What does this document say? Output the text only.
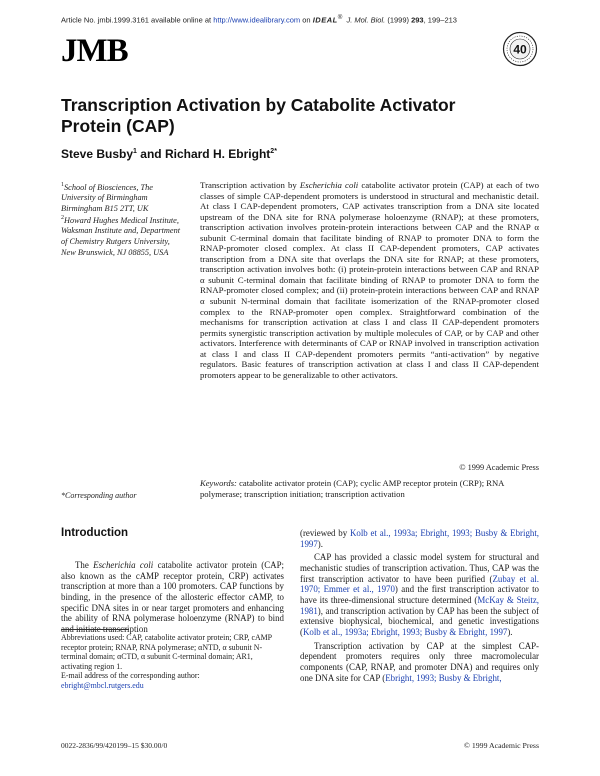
Article No. jmbi.1999.3161 available online at http://www.idealibrary.com on IDEAL® J. Mol. Biol. (1999) 293, 199–213
JMB	40
Transcription Activation by Catabolite Activator Protein (CAP)
Steve Busby$^1$ and Richard H. Ebright$^{2*}$
$^1$School of Biosciences, The University of Birmingham Birmingham B15 2TT, UK
$^2$Howard Hughes Medical Institute, Waksman Institute and, Department of Chemistry Rutgers University, New Brunswick, NJ 08855, USA
Transcription activation by Escherichia coli catabolite activator protein (CAP) at each of two classes of simple CAP-dependent promoters is understood in structural and mechanistic detail. At class I CAP-dependent promoters, CAP activates transcription from a DNA site located upstream of the DNA site for RNA polymerase holoenzyme (RNAP); at these promoters, transcription activation involves protein-protein interactions between CAP and the RNAP α subunit C-terminal domain that facilitate binding of RNAP to promoter DNA to form the RNAP-promoter closed complex. At class II CAP-dependent promoters, CAP activates transcription from a DNA site that overlaps the DNA site for RNAP; at these promoters, transcription activation involves both: (i) protein-protein interactions between CAP and RNAP α subunit C-terminal domain that facilitate binding of RNAP to promoter DNA to form the RNAP-promoter closed complex; and (ii) protein-protein interactions between CAP and RNAP α subunit N-terminal domain that facilitate isomerization of the RNAP-promoter closed complex to the RNAP-promoter open complex. Straightforward combination of the mechanisms for transcription activation at class I and class II CAP-dependent promoters permits synergistic transcription activation by multiple molecules of CAP, or by CAP and other activators. Interference with determinants of CAP or RNAP involved in transcription activation at class I and class II CAP-dependent promoters permits “anti-activation” by negative regulators. Basic features of transcription activation at class I and class II CAP-dependent promoters appear to be generalizable to other activators.
© 1999 Academic Press
Keywords: catabolite activator protein (CAP); cyclic AMP receptor protein (CRP); RNA polymerase; transcription initiation; transcription activation
*Corresponding author
Introduction

The Escherichia coli catabolite activator protein (CAP; also known as the cAMP receptor protein, CRP) activates transcription at more than a 100 promoters. CAP functions by binding, in the presence of the allosteric effector cAMP, to specific DNA sites in or near target promoters and enhancing the ability of RNA polymerase holoenzyme (RNAP) to bind and initiate transcription

Abbreviations used: CAP, catabolite activator protein; CRP, cAMP receptor protein; RNAP, RNA polymerase; αNTD, α subunit N-terminal domain; αCTD, α subunit C-terminal domain; AR1, activating region 1.
E-mail address of the corresponding author:
ebright@mbcl.rutgers.edu

(reviewed by Kolb et al., 1993a; Ebright, 1993; Busby & Ebright, 1997).

CAP has provided a classic model system for structural and mechanistic studies of transcription activation. Thus, CAP was the first transcription activator to have been purified (Zubay et al. 1970; Emmer et al., 1970) and the first transcription activator to have its three-dimensional structure determined (McKay & Steitz, 1981), and transcription activation by CAP has been the subject of extensive biophysical, biochemical, and genetic investigations (Kolb et al., 1993a; Ebright, 1993; Busby & Ebright, 1997).

Transcription activation by CAP at the simplest CAP-dependent promoters requires only three macromolecular components (CAP, RNAP, and promoter DNA) and requires only one DNA site for CAP (Ebright, 1993; Busby & Ebright,

0022-2836/99/420199–15 $30.00/0	© 1999 Academic Press
